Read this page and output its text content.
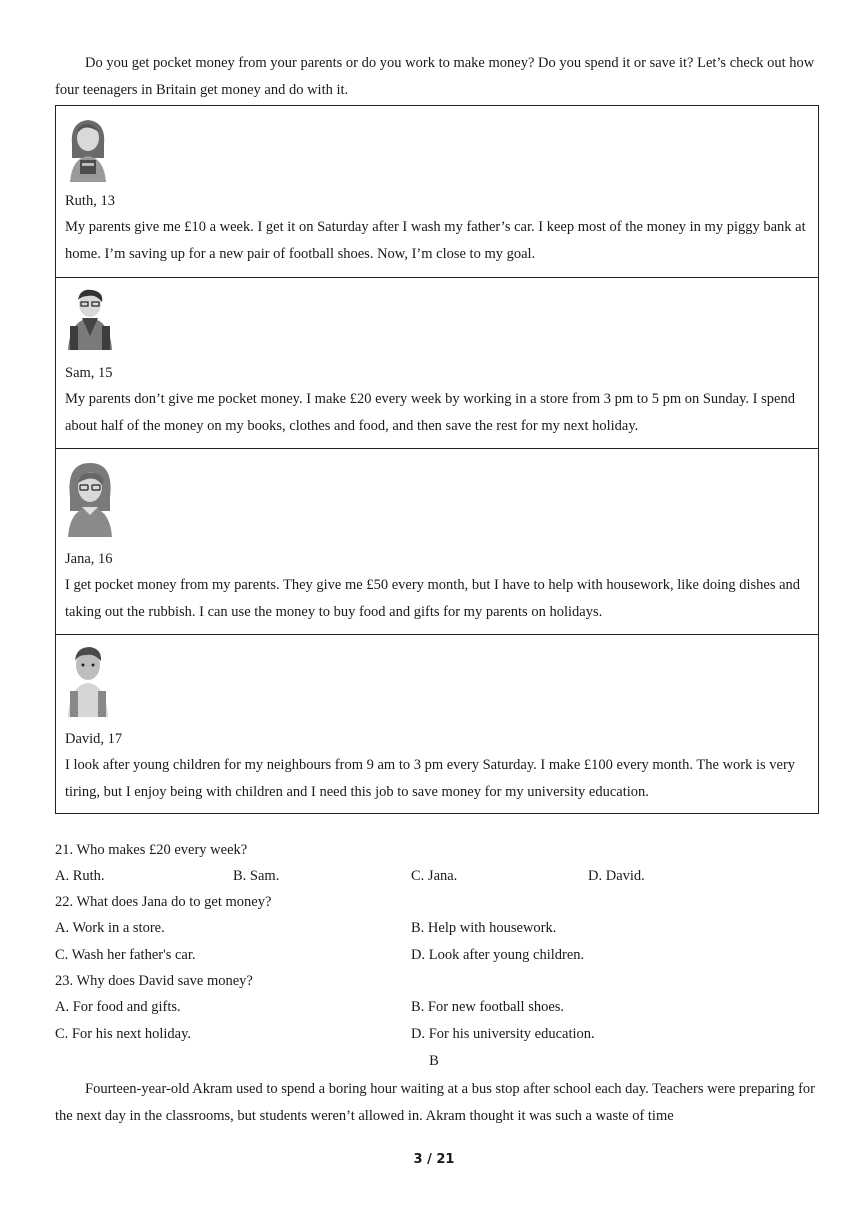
Do you get pocket money from your parents or do you work to make money? Do you spend it or save it? Let’s check out how four teenagers in Britain get money and do with it.

Ruth, 13

My parents give me £10 a week. I get it on Saturday after I wash my father’s car. I keep most of the money in my piggy bank at home. I’m saving up for a new pair of football shoes. Now, I’m close to my goal.

Sam, 15

My parents don’t give me pocket money. I make £20 every week by working in a store from 3 pm to 5 pm on Sunday. I spend about half of the money on my books, clothes and food, and then save the rest for my next holiday.

Jana, 16

I get pocket money from my parents. They give me £50 every month, but I have to help with housework, like doing dishes and taking out the rubbish. I can use the money to buy food and gifts for my parents on holidays.

David, 17

I look after young children for my neighbours from 9 am to 3 pm every Saturday. I make £100 every month. The work is very tiring, but I enjoy being with children and I need this job to save money for my university education.

21. Who makes £20 every week?

A. Ruth.	B. Sam.	C. Jana.	D. David.

22. What does Jana do to get money?

A. Work in a store.	B. Help with housework.

C. Wash her father's car.	D. Look after young children.

23. Why does David save money?

A. For food and gifts.	B. For new football shoes.

C. For his next holiday.	D. For his university education.

B

Fourteen-year-old Akram used to spend a boring hour waiting at a bus stop after school each day. Teachers were preparing for the next day in the classrooms, but students weren’t allowed in. Akram thought it was such a waste of time

3 / 21
